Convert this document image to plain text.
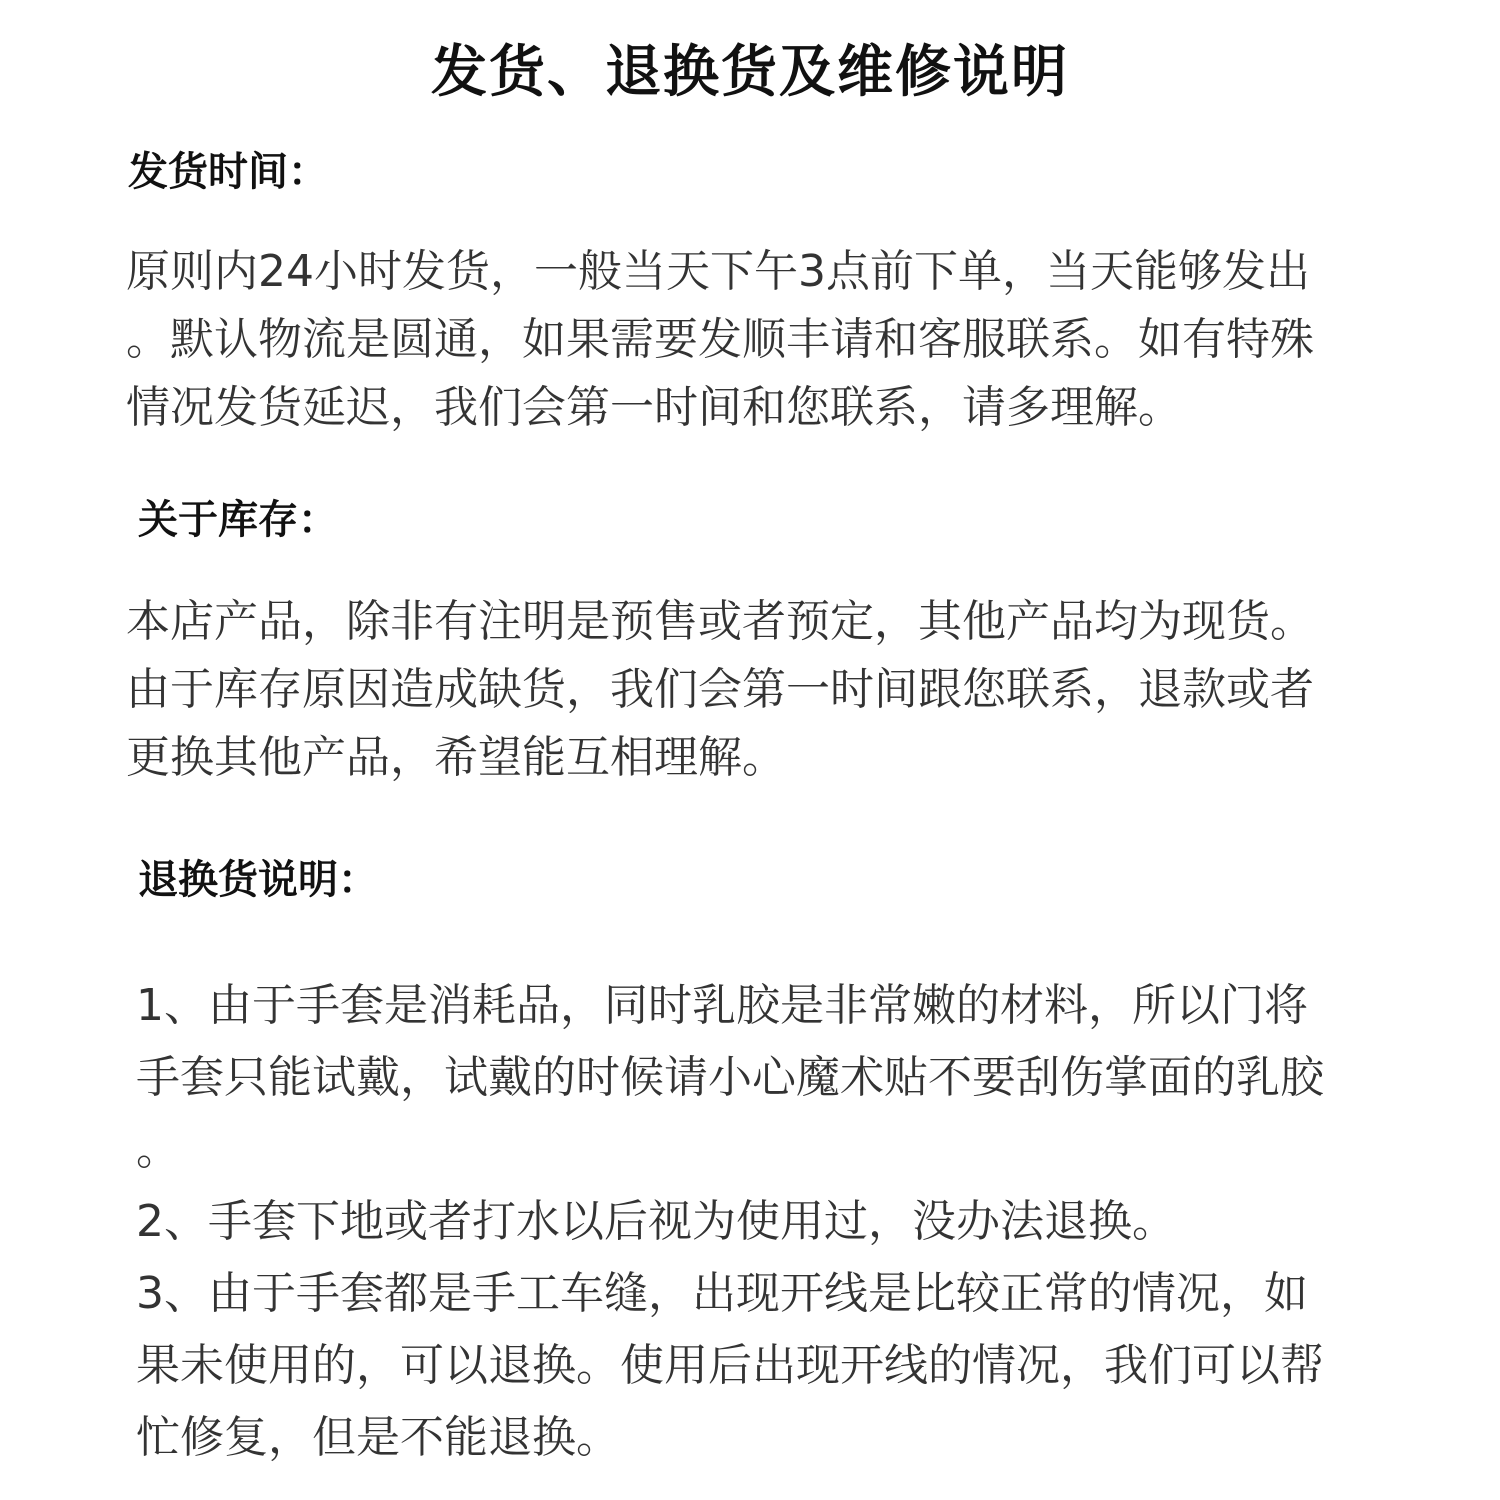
发货、退换货及维修说明
发货时间：
原则内24小时发货，一般当天下午3点前下单，当天能够发出
。默认物流是圆通，如果需要发顺丰请和客服联系。如有特殊
情况发货延迟，我们会第一时间和您联系，请多理解。
关于库存：
本店产品，除非有注明是预售或者预定，其他产品均为现货。
由于库存原因造成缺货，我们会第一时间跟您联系，退款或者
更换其他产品，希望能互相理解。
退换货说明：
1、由于手套是消耗品，同时乳胶是非常嫩的材料，所以门将
手套只能试戴，试戴的时候请小心魔术贴不要刮伤掌面的乳胶
。
2、手套下地或者打水以后视为使用过，没办法退换。
3、由于手套都是手工车缝，出现开线是比较正常的情况，如
果未使用的，可以退换。使用后出现开线的情况，我们可以帮
忙修复，但是不能退换。
